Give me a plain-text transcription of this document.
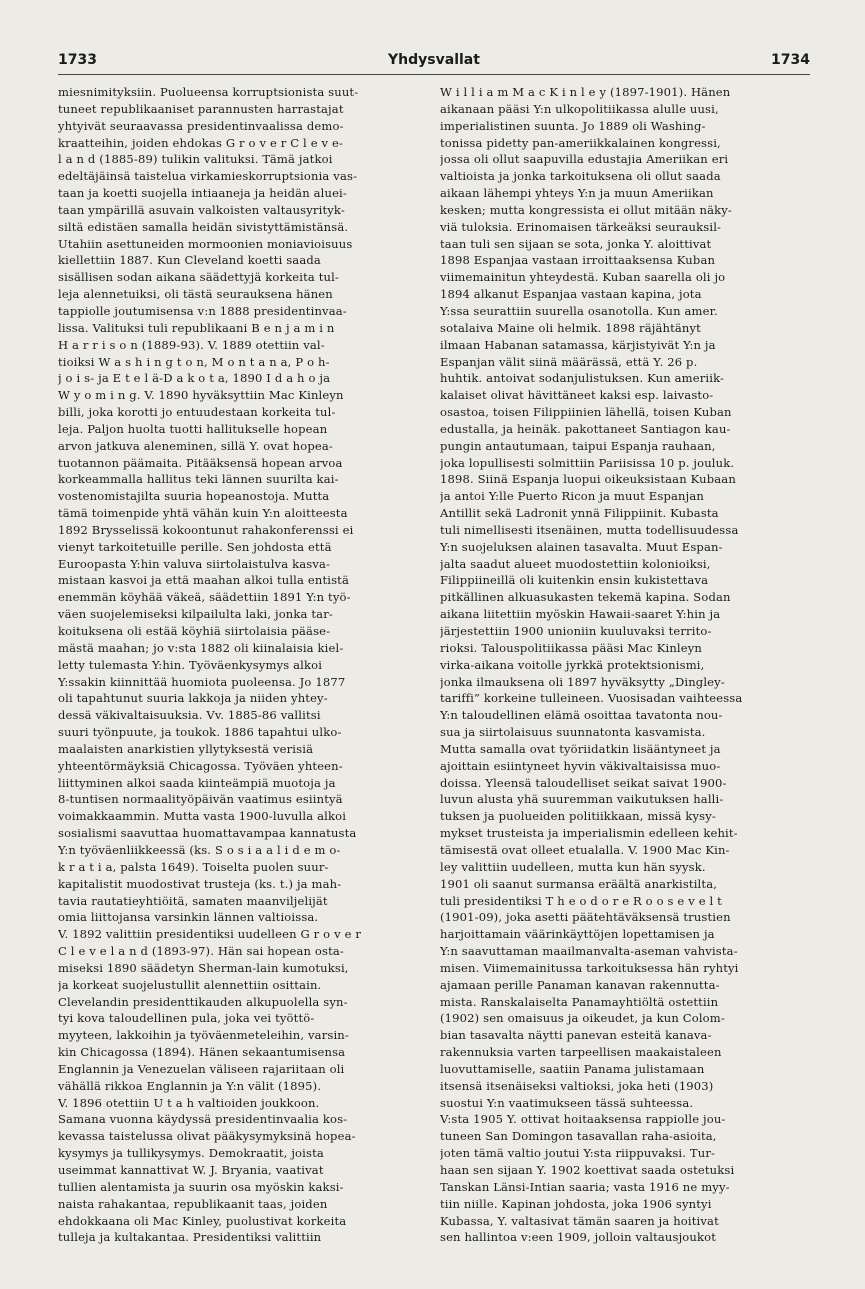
1733	Yhdysvallat	1734
miesnimityksiin. Puolueensa korruptsionista suut-
tuneet republikaaniset parannusten harrastajat
yhtyivät seuraavassa presidentinvaalissa demo-
kraatteihin, joiden ehdokas G r o v e r C l e v e-
l a n d (1885-89) tulikin valituksi. Tämä jatkoi
edeltäjäinsä taistelua virkamieskorruptsionia vas-
taan ja koetti suojella intiaaneja ja heidän aluei-
taan ympärillä asuvain valkoisten valtausyrityk-
siltä edistäen samalla heidän sivistyttämistänsä.
Utahiin asettuneiden mormoonien moniavioisuus
kiellettiin 1887. Kun Cleveland koetti saada
sisällisen sodan aikana säädettyjä korkeita tul-
leja alennetuiksi, oli tästä seurauksena hänen
tappiolle joutumisensa v:n 1888 presidentinvaa-
lissa. Valituksi tuli republikaani B e n j a m i n
H a r r i s o n (1889-93). V. 1889 otettiin val-
tioiksi W a s h i n g t o n, M o n t a n a, P o h-
j o i s- ja E t e l ä-D a k o t a, 1890 I d a h o ja
W y o m i n g. V. 1890 hyväksyttiin Mac Kinleyn
billi, joka korotti jo entuudestaan korkeita tul-
leja. Paljon huolta tuotti hallitukselle hopean
arvon jatkuva aleneminen, sillä Y. ovat hopea-
tuotannon päämaita. Pitääksensä hopean arvoa
korkeammalla hallitus teki lännen suurilta kai-
vostenomistajilta suuria hopeanostoja. Mutta
tämä toimenpide yhtä vähän kuin Y:n aloitteesta
1892 Brysselissä kokoontunut rahakonferenssi ei
vienyt tarkoitetuille perille. Sen johdosta että
Euroopasta Y:hin valuva siirtolaistulva kasva-
mistaan kasvoi ja että maahan alkoi tulla entistä
enemmän köyhää väkeä, säädettiin 1891 Y:n työ-
väen suojelemiseksi kilpailulta laki, jonka tar-
koituksena oli estää köyhiä siirtolaisia pääse-
mästä maahan; jo v:sta 1882 oli kiinalaisia kiel-
letty tulemasta Y:hin. Työväenkysymys alkoi
Y:ssakin kiinnittää huomiota puoleensa. Jo 1877
oli tapahtunut suuria lakkoja ja niiden yhtey-
dessä väkivaltaisuuksia. Vv. 1885-86 vallitsi
suuri työnpuute, ja toukok. 1886 tapahtui ulko-
maalaisten anarkistien yllytyksestä verisiä
yhteentörmäyksiä Chicagossa. Työväen yhteen-
liittyminen alkoi saada kiinteämpiä muotoja ja
8-tuntisen normaalityöpäivän vaatimus esiintyä
voimakkaammin. Mutta vasta 1900-luvulla alkoi
sosialismi saavuttaa huomattavampaa kannatusta
Y:n työväenliikkeessä (ks. S o s i a a l i d e m o-
k r a t i a, palsta 1649). Toiselta puolen suur-
kapitalistit muodostivat trusteja (ks. t.) ja mah-
tavia rautatieyhtiöitä, samaten maanviljelijät
omia liittojansa varsinkin lännen valtioissa.
V. 1892 valittiin presidentiksi uudelleen G r o v e r
C l e v e l a n d (1893-97). Hän sai hopean osta-
miseksi 1890 säädetyn Sherman-lain kumotuksi,
ja korkeat suojelustullit alennettiin osittain.
Clevelandin presidenttikauden alkupuolella syn-
tyi kova taloudellinen pula, joka vei työttö-
myyteen, lakkoihin ja työväenmeteleihin, varsin-
kin Chicagossa (1894). Hänen sekaantumisensa
Englannin ja Venezuelan väliseen rajariitaan oli
vähällä rikkoa Englannin ja Y:n välit (1895).
V. 1896 otettiin U t a h valtioiden joukkoon.
Samana vuonna käydyssä presidentinvaalia kos-
kevassa taistelussa olivat pääkysymyksinä hopea-
kysymys ja tullikysymys. Demokraatit, joista
useimmat kannattivat W. J. Bryania, vaativat
tullien alentamista ja suurin osa myöskin kaksi-
naista rahakantaa, republikaanit taas, joiden
ehdokkaana oli Mac Kinley, puolustivat korkeita
tulleja ja kultakantaa. Presidentiksi valittiin
W i l l i a m M a c K i n l e y (1897-1901). Hänen
aikanaan pääsi Y:n ulkopolitiikassa alulle uusi,
imperialistinen suunta. Jo 1889 oli Washing-
tonissa pidetty pan-ameriikkalainen kongressi,
jossa oli ollut saapuvilla edustajia Ameriikan eri
valtioista ja jonka tarkoituksena oli ollut saada
aikaan lähempi yhteys Y:n ja muun Ameriikan
kesken; mutta kongressista ei ollut mitään näky-
viä tuloksia. Erinomaisen tärkeäksi seurauksil-
taan tuli sen sijaan se sota, jonka Y. aloittivat
1898 Espanjaa vastaan irroittaaksensa Kuban
viimemainitun yhteydestä. Kuban saarella oli jo
1894 alkanut Espanjaa vastaan kapina, jota
Y:ssa seurattiin suurella osanotolla. Kun amer.
sotalaiva Maine oli helmik. 1898 räjähtänyt
ilmaan Habanan satamassa, kärjistyivät Y:n ja
Espanjan välit siinä määrässä, että Y. 26 p.
huhtik. antoivat sodanjulistuksen. Kun ameriik-
kalaiset olivat hävittäneet kaksi esp. laivasto-
osastoa, toisen Filippiinien lähellä, toisen Kuban
edustalla, ja heinäk. pakottaneet Santiagon kau-
pungin antautumaan, taipui Espanja rauhaan,
joka lopullisesti solmittiin Pariisissa 10 p. jouluk.
1898. Siinä Espanja luopui oikeuksistaan Kubaan
ja antoi Y:lle Puerto Ricon ja muut Espanjan
Antillit sekä Ladronit ynnä Filippiinit. Kubasta
tuli nimellisesti itsenäinen, mutta todellisuudessa
Y:n suojeluksen alainen tasavalta. Muut Espan-
jalta saadut alueet muodostettiin kolonioiksi,
Filippiineillä oli kuitenkin ensin kukistettava
pitkällinen alkuasukasten tekemä kapina. Sodan
aikana liitettiin myöskin Hawaii-saaret Y:hin ja
järjestettiin 1900 unioniin kuuluvaksi territo-
rioksi. Talouspolitiikassa pääsi Mac Kinleyn
virka-aikana voitolle jyrkkä protektsionismi,
jonka ilmauksena oli 1897 hyväksytty „Dingley-
tariffi” korkeine tulleineen. Vuosisadan vaihteessa
Y:n taloudellinen elämä osoittaa tavatonta nou-
sua ja siirtolaisuus suunnatonta kasvamista.
Mutta samalla ovat työriidatkin lisääntyneet ja
ajoittain esiintyneet hyvin väkivaltaisissa muo-
doissa. Yleensä taloudelliset seikat saivat 1900-
luvun alusta yhä suuremman vaikutuksen halli-
tuksen ja puolueiden politiikkaan, missä kysy-
mykset trusteista ja imperialismin edelleen kehit-
tämisestä ovat olleet etualalla. V. 1900 Mac Kin-
ley valittiin uudelleen, mutta kun hän syysk.
1901 oli saanut surmansa eräältä anarkistilta,
tuli presidentiksi T h e o d o r e R o o s e v e l t
(1901-09), joka asetti päätehtäväksensä trustien
harjoittamain väärinkäyttöjen lopettamisen ja
Y:n saavuttaman maailmanvalta-aseman vahvista-
misen. Viimemainitussa tarkoituksessa hän ryhtyi
ajamaan perille Panaman kanavan rakennutta-
mista. Ranskalaiselta Panamayhtiöltä ostettiin
(1902) sen omaisuus ja oikeudet, ja kun Colom-
bian tasavalta näytti panevan esteitä kanava-
rakennuksia varten tarpeellisen maakaistaleen
luovuttamiselle, saatiin Panama julistamaan
itsensä itsenäiseksi valtioksi, joka heti (1903)
suostui Y:n vaatimukseen tässä suhteessa.
V:sta 1905 Y. ottivat hoitaaksensa rappiolle jou-
tuneen San Domingon tasavallan raha-asioita,
joten tämä valtio joutui Y:sta riippuvaksi. Tur-
haan sen sijaan Y. 1902 koettivat saada ostetuksi
Tanskan Länsi-Intian saaria; vasta 1916 ne myy-
tiin niille. Kapinan johdosta, joka 1906 syntyi
Kubassa, Y. valtasivat tämän saaren ja hoitivat
sen hallintoa v:een 1909, jolloin valtausjoukot
